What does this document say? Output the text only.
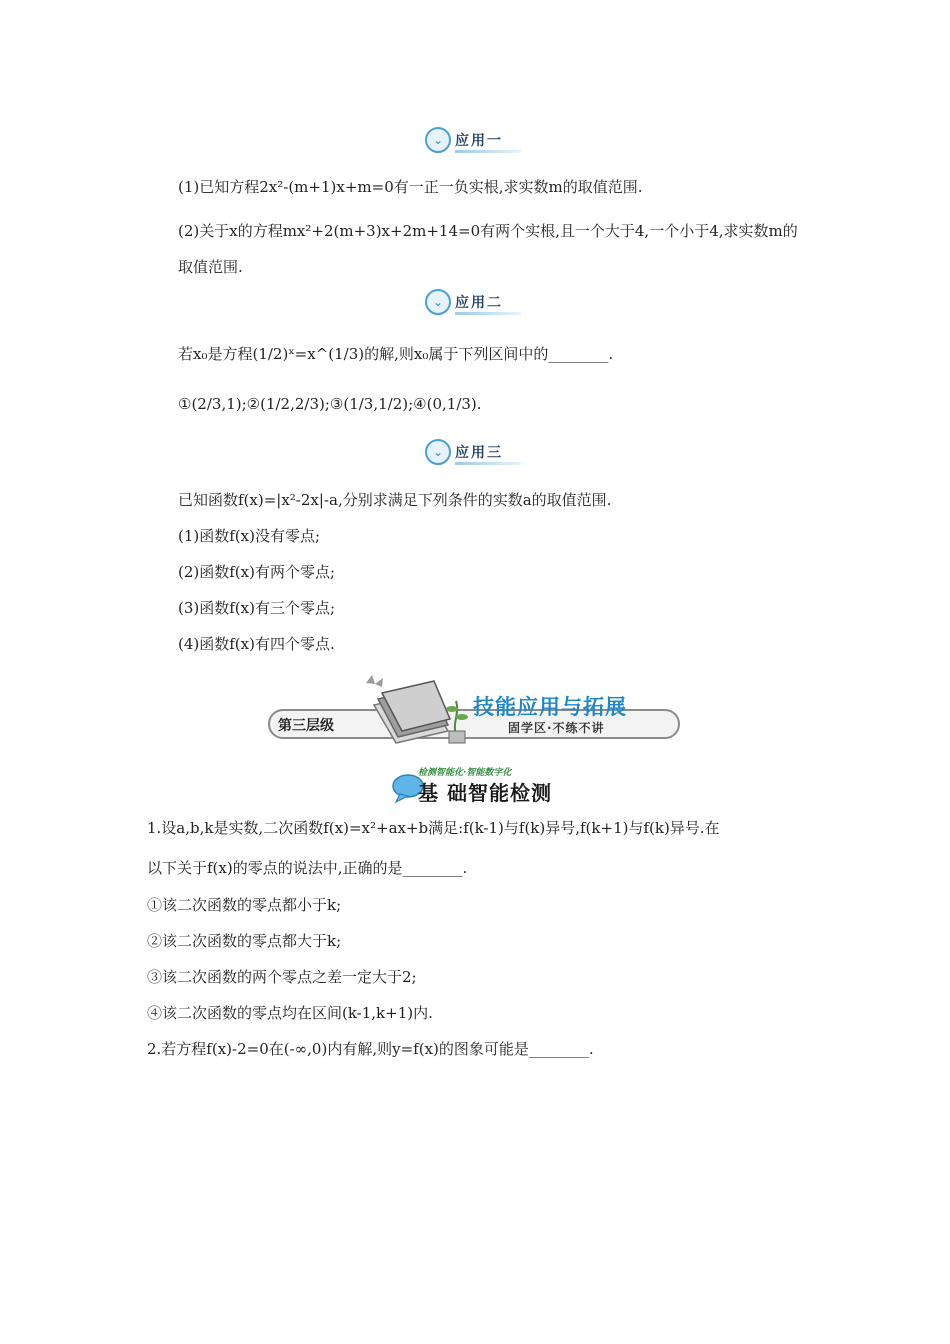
⌄ 应用一
(1)已知方程2x²-(m+1)x+m=0有一正一负实根,求实数m的取值范围.
(2)关于x的方程mx²+2(m+3)x+2m+14=0有两个实根,且一个大于4,一个小于4,求实数m的取值范围.
⌄ 应用二
若x₀是方程(1/2)ˣ=x^(1/3)的解,则x₀属于下列区间中的________.
①(2/3,1);②(1/2,2/3);③(1/3,1/2);④(0,1/3).
⌄ 应用三
已知函数f(x)=|x²-2x|-a,分别求满足下列条件的实数a的取值范围.
(1)函数f(x)没有零点;
(2)函数f(x)有两个零点;
(3)函数f(x)有三个零点;
(4)函数f(x)有四个零点.
第三层级
技能应用与拓展
固学区·不练不讲
检测智能化·智能数字化
基 础智能检测
1.设a,b,k是实数,二次函数f(x)=x²+ax+b满足:f(k-1)与f(k)异号,f(k+1)与f(k)异号.在
以下关于f(x)的零点的说法中,正确的是________.
①该二次函数的零点都小于k;
②该二次函数的零点都大于k;
③该二次函数的两个零点之差一定大于2;
④该二次函数的零点均在区间(k-1,k+1)内.
2.若方程f(x)-2=0在(-∞,0)内有解,则y=f(x)的图象可能是________.
